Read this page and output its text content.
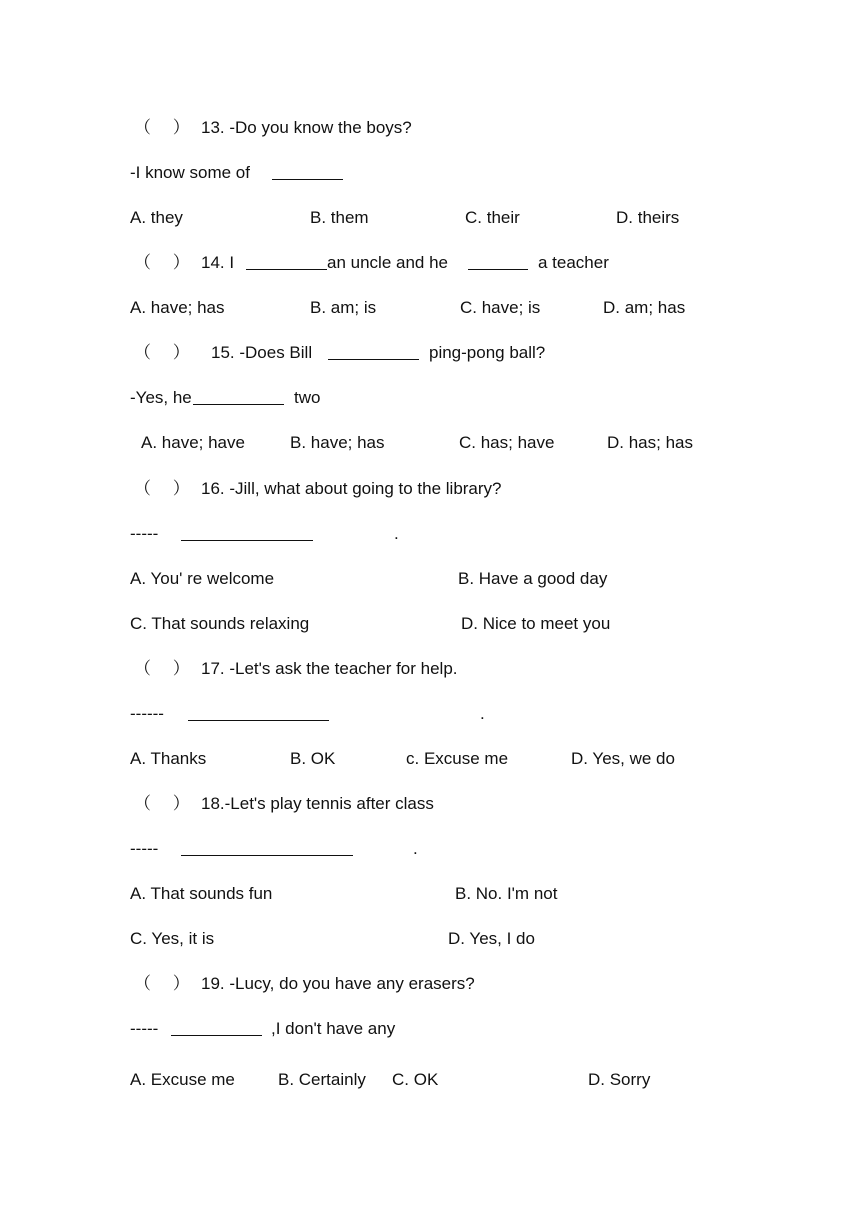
（　 ）

13. -Do you know the boys?

-I know some of

A. they

	B. them

	C. their

	D. theirs

（　 ）

14. I

	an uncle and he

	a teacher

A. have; has

	B. am; is

	C. have; is

	D. am; has

（　 ）

15. -Does Bill

	ping-pong ball?

-Yes, he

	two

A. have; have

	B. have; has

	C. has; have

	D. has; has

（　 ）

16. -Jill, what about going to the library?

-----

	.

A. You' re welcome

	B. Have a good day

C. That sounds relaxing

	D. Nice to meet you

（　 ）

17. -Let's ask the teacher for help.

------

	.

A. Thanks

	B. OK

	c. Excuse me

	D. Yes, we do

（　 ）

18.-Let's play tennis after class

-----

	.

A. That sounds fun

	B. No. I'm not

C. Yes, it is

	D. Yes, I do

（　 ）

19. -Lucy, do you have any erasers?

-----

	,I don't have any

A. Excuse me

	B. Certainly

C. OK

	D. Sorry
